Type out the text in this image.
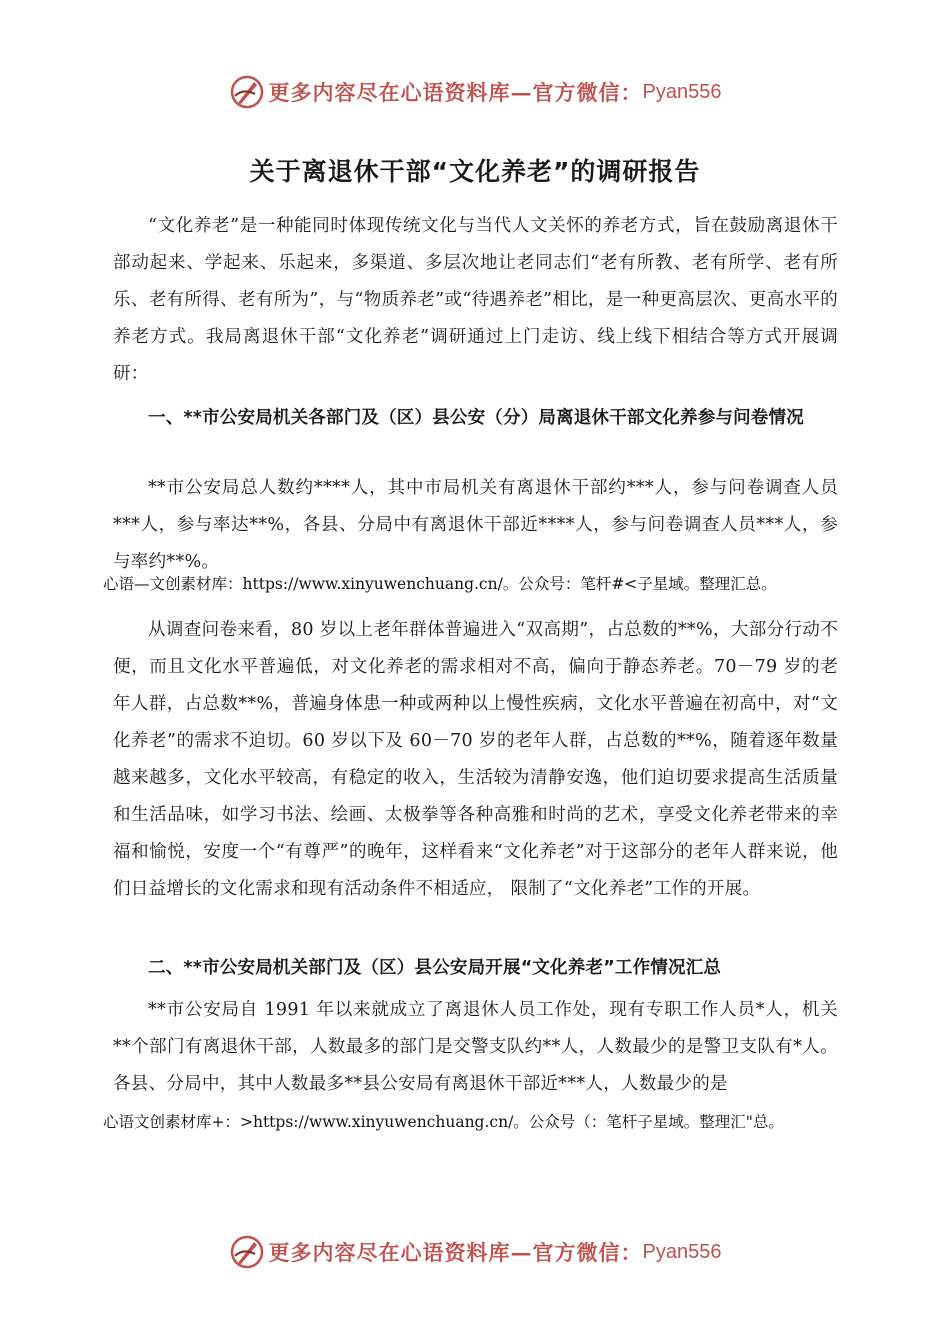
更多内容尽在心语资料库—官方微信： Pyan556
关于离退休干部“文化养老”的调研报告

“文化养老”是一种能同时体现传统文化与当代人文关怀的养老方式，旨在鼓励离退休干部动起来、学起来、乐起来，多渠道、多层次地让老同志们“老有所教、老有所学、老有所乐、老有所得、老有所为”，与“物质养老”或“待遇养老”相比，是一种更高层次、更高水平的养老方式。我局离退休干部“文化养老”调研通过上门走访、线上线下相结合等方式开展调研：

一、**市公安局机关各部门及（区）县公安（分）局离退休干部文化养参与问卷情况

**市公安局总人数约****人，其中市局机关有离退休干部约***人，参与问卷调查人员***人，参与率达**%，各县、分局中有离退休干部近****人，参与问卷调查人员***人，参与率约**%。

心语—文创素材库：https://www.xinyuwenchuang.cn/。公众号：笔杆#<子星域。整理汇总。

从调查问卷来看，80 岁以上老年群体普遍进入“双高期”，占总数的**%，大部分行动不便，而且文化水平普遍低，对文化养老的需求相对不高，偏向于静态养老。70－79 岁的老年人群，占总数**%，普遍身体患一种或两种以上慢性疾病，文化水平普遍在初高中，对“文化养老”的需求不迫切。60 岁以下及 60－70 岁的老年人群，占总数的**%，随着逐年数量越来越多，文化水平较高，有稳定的收入，生活较为清静安逸，他们迫切要求提高生活质量和生活品味，如学习书法、绘画、太极拳等各种高雅和时尚的艺术，享受文化养老带来的幸福和愉悦，安度一个“有尊严”的晚年，这样看来“文化养老”对于这部分的老年人群来说，他们日益增长的文化需求和现有活动条件不相适应， 限制了“文化养老”工作的开展。

二、**市公安局机关部门及（区）县公安局开展“文化养老”工作情况汇总

**市公安局自 1991 年以来就成立了离退休人员工作处，现有专职工作人员*人，机关**个部门有离退休干部，人数最多的部门是交警支队约**人，人数最少的是警卫支队有*人。各县、分局中，其中人数最多**县公安局有离退休干部近***人，人数最少的是

心语文创素材库+：>https://www.xinyuwenchuang.cn/。公众号（：笔杆子星域。整理汇"总。
更多内容尽在心语资料库—官方微信： Pyan556
